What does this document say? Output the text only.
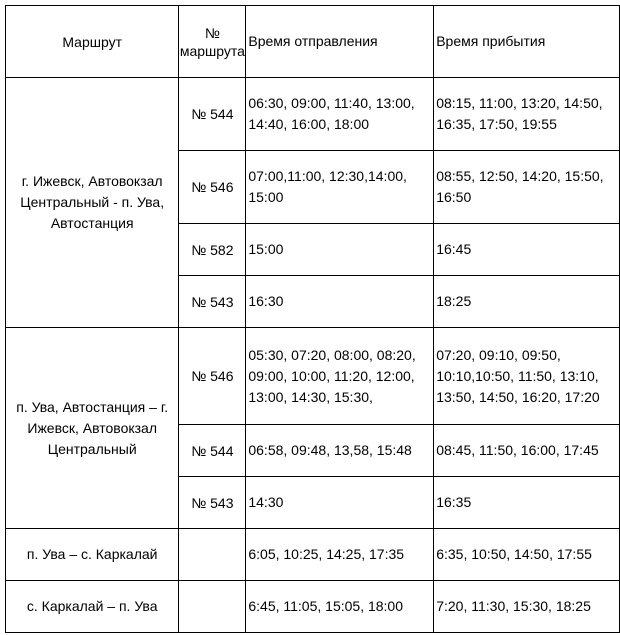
Маршрут	№
маршрута	Время отправления	Время прибытия

г. Ижевск, Автовокзал
Центральный - п. Ува,
Автостанция	№ 544	06:30, 09:00, 11:40, 13:00,
14:40, 16:00, 18:00	08:15, 11:00, 13:20, 14:50,
16:35, 17:50, 19:55

	№ 546	07:00,11:00, 12:30,14:00,
15:00	08:55, 12:50, 14:20, 15:50,
16:50

	№ 582	15:00	16:45

	№ 543	16:30	18:25

п. Ува, Автостанция – г.
Ижевск, Автовокзал
Центральный	№ 546	05:30, 07:20, 08:00, 08:20,
09:00, 10:00, 11:20, 12:00,
13:00, 14:30, 15:30,	07:20, 09:10, 09:50,
10:10,10:50, 11:50, 13:10,
13:50, 14:50, 16:20, 17:20

	№ 544	06:58, 09:48, 13,58, 15:48	08:45, 11:50, 16:00, 17:45

	№ 543	14:30	16:35

п. Ува – с. Каркалай		6:05, 10:25, 14:25, 17:35	6:35, 10:50, 14:50, 17:55

с. Каркалай – п. Ува		6:45, 11:05, 15:05, 18:00	7:20, 11:30, 15:30, 18:25
